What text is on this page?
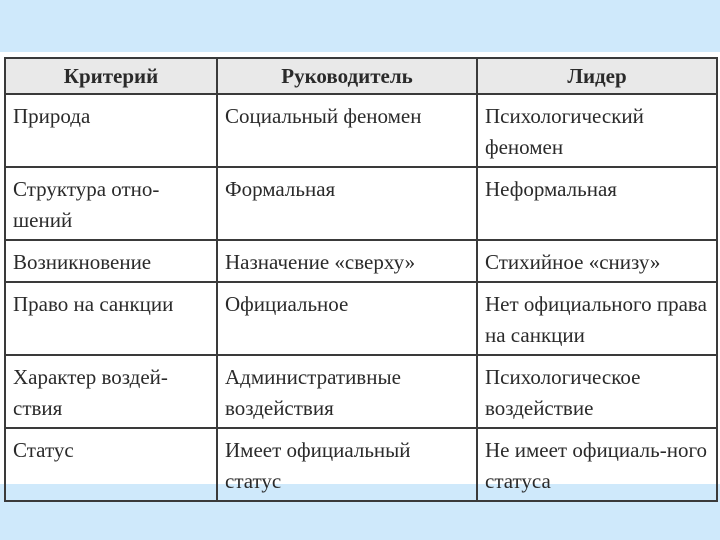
Критерий	Руководитель	Лидер
Природа	Социальный феномен	Психологический феномен
Структура отно-шений	Формальная	Неформальная
Возникновение	Назначение «сверху»	Стихийное «снизу»
Право на санкции	Официальное	Нет официального права на санкции
Характер воздей-ствия	Административные воздействия	Психологическое воздействие
Статус	Имеет официальный статус	Не имеет официаль-ного статуса
